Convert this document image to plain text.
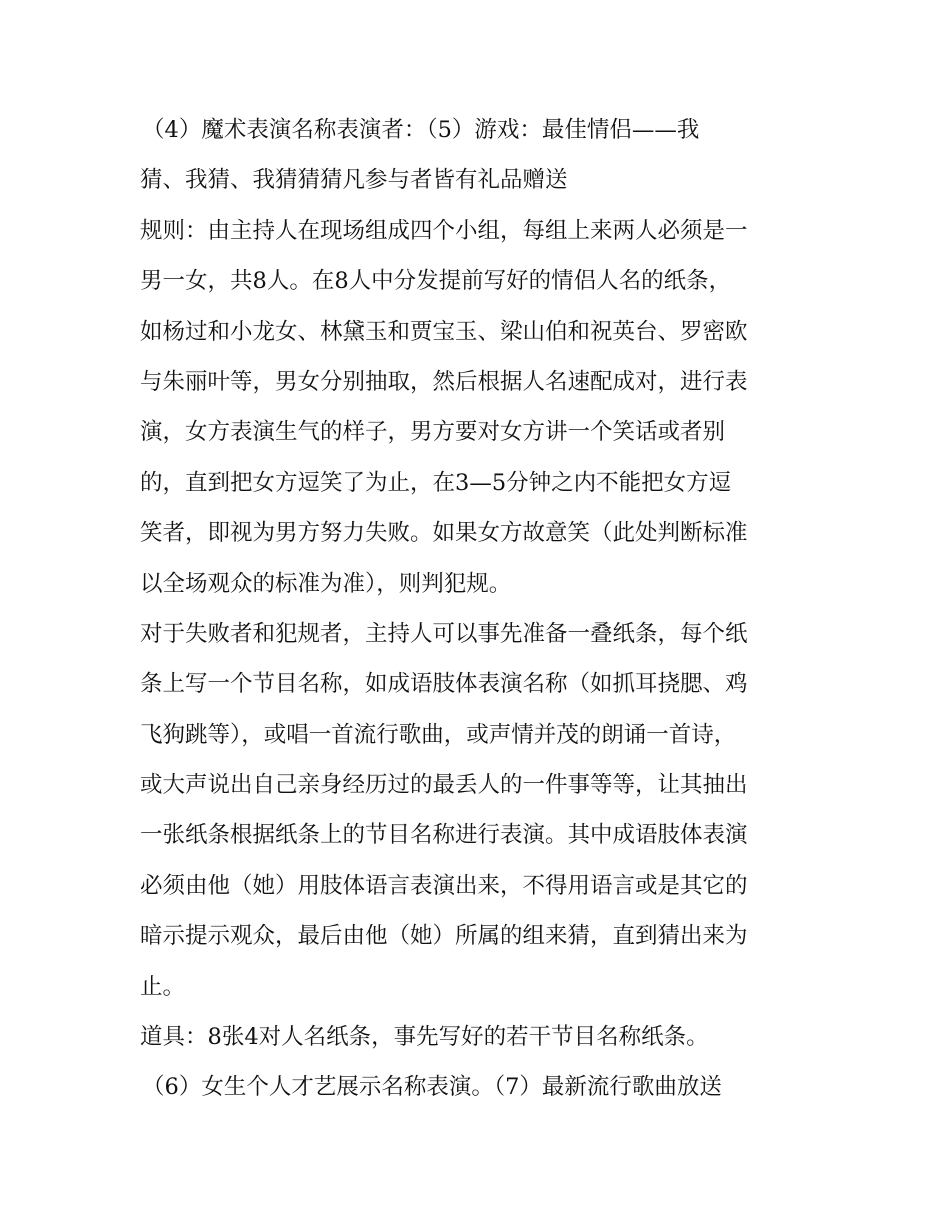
（4）魔术表演名称表演者：（5）游戏：最佳情侣——我
猜、我猜、我猜猜猜凡参与者皆有礼品赠送
规则：由主持人在现场组成四个小组，每组上来两人必须是一
男一女，共8人。在8人中分发提前写好的情侣人名的纸条，
如杨过和小龙女、林黛玉和贾宝玉、梁山伯和祝英台、罗密欧
与朱丽叶等，男女分别抽取，然后根据人名速配成对，进行表
演，女方表演生气的样子，男方要对女方讲一个笑话或者别
的，直到把女方逗笑了为止，在3—5分钟之内不能把女方逗
笑者，即视为男方努力失败。如果女方故意笑（此处判断标准
以全场观众的标准为准），则判犯规。
对于失败者和犯规者，主持人可以事先准备一叠纸条，每个纸
条上写一个节目名称，如成语肢体表演名称（如抓耳挠腮、鸡
飞狗跳等），或唱一首流行歌曲，或声情并茂的朗诵一首诗，
或大声说出自己亲身经历过的最丢人的一件事等等，让其抽出
一张纸条根据纸条上的节目名称进行表演。其中成语肢体表演
必须由他（她）用肢体语言表演出来，不得用语言或是其它的
暗示提示观众，最后由他（她）所属的组来猜，直到猜出来为
止。
道具：8张4对人名纸条，事先写好的若干节目名称纸条。
（6）女生个人才艺展示名称表演。（7）最新流行歌曲放送
